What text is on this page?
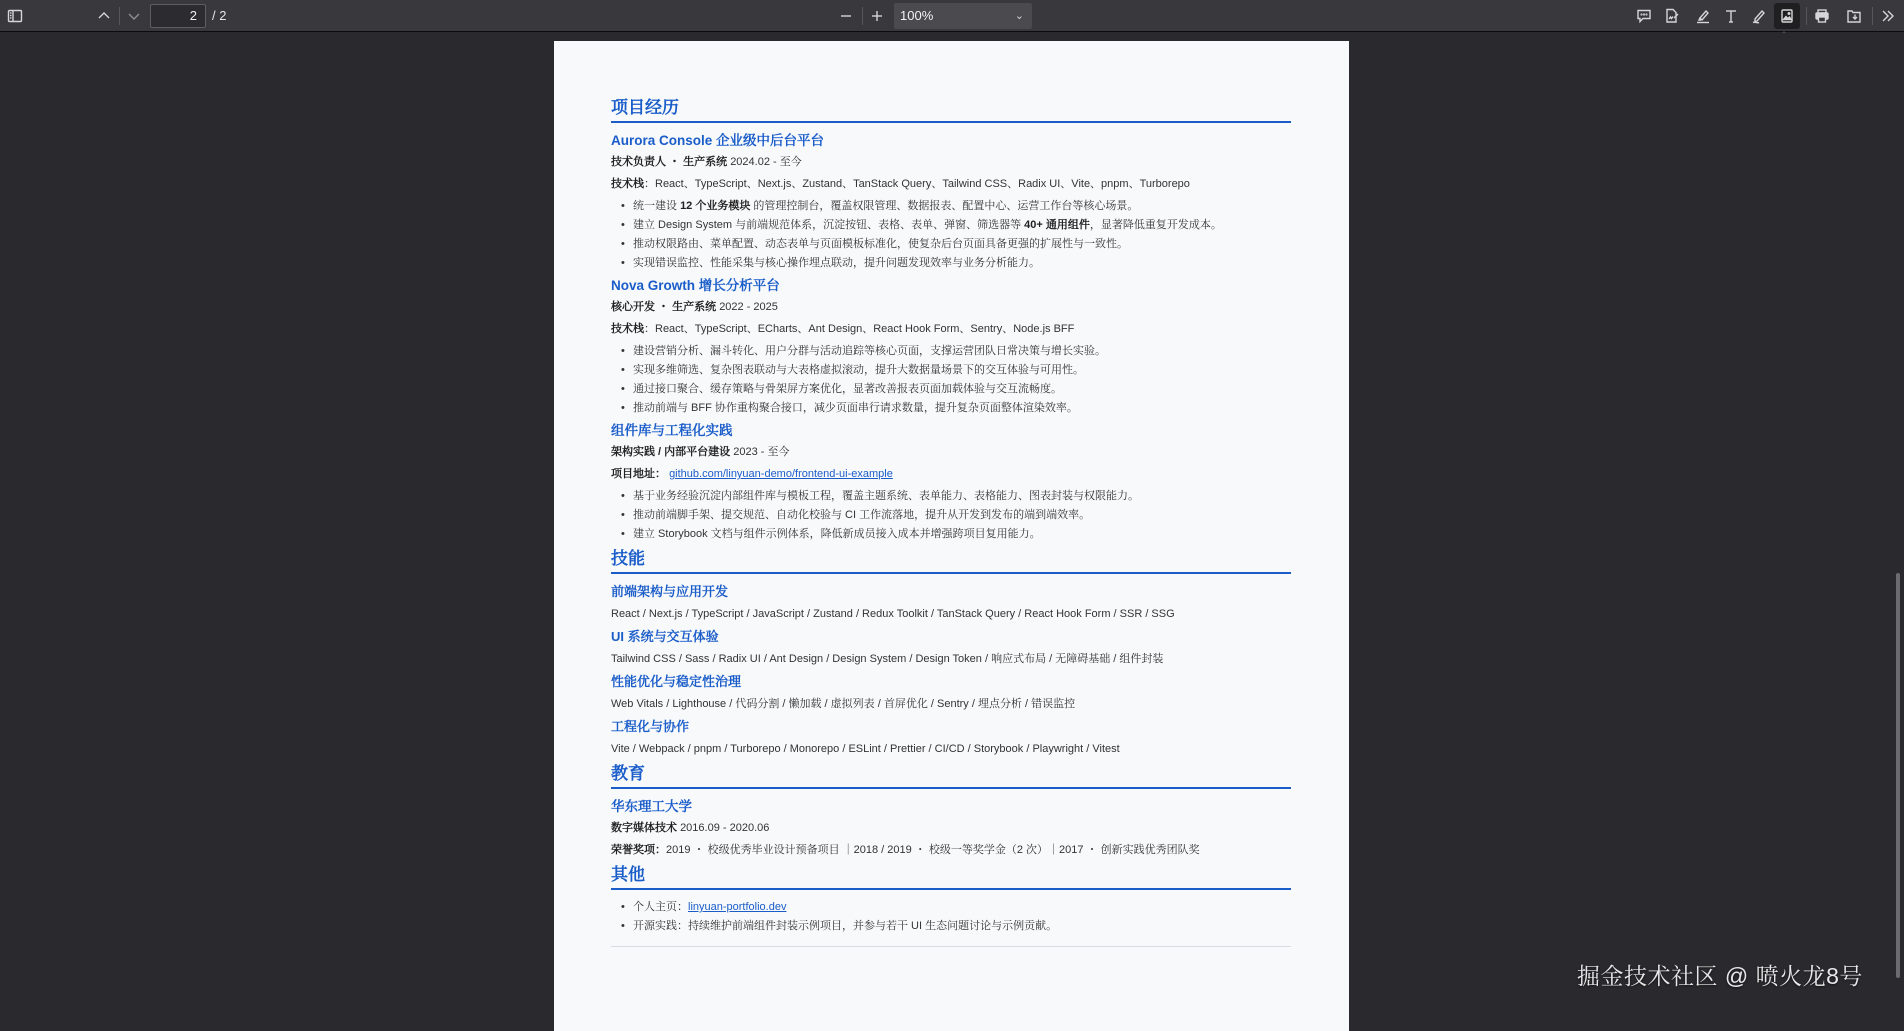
2	/ 2	100%	⌄
项目经历
Aurora Console 企业级中后台平台
技术负责人 ・ 生产系统 2024.02 - 至今
技术栈：React、TypeScript、Next.js、Zustand、TanStack Query、Tailwind CSS、Radix UI、Vite、pnpm、Turborepo
• 统一建设 12 个业务模块 的管理控制台，覆盖权限管理、数据报表、配置中心、运营工作台等核心场景。
• 建立 Design System 与前端规范体系，沉淀按钮、表格、表单、弹窗、筛选器等 40+ 通用组件，显著降低重复开发成本。
• 推动权限路由、菜单配置、动态表单与页面模板标准化，使复杂后台页面具备更强的扩展性与一致性。
• 实现错误监控、性能采集与核心操作埋点联动，提升问题发现效率与业务分析能力。
Nova Growth 增长分析平台
核心开发 ・ 生产系统 2022 - 2025
技术栈：React、TypeScript、ECharts、Ant Design、React Hook Form、Sentry、Node.js BFF
• 建设营销分析、漏斗转化、用户分群与活动追踪等核心页面，支撑运营团队日常决策与增长实验。
• 实现多维筛选、复杂图表联动与大表格虚拟滚动，提升大数据量场景下的交互体验与可用性。
• 通过接口聚合、缓存策略与骨架屏方案优化，显著改善报表页面加载体验与交互流畅度。
• 推动前端与 BFF 协作重构聚合接口，减少页面串行请求数量，提升复杂页面整体渲染效率。
组件库与工程化实践
架构实践 / 内部平台建设 2023 - 至今
项目地址： github.com/linyuan-demo/frontend-ui-example
• 基于业务经验沉淀内部组件库与模板工程，覆盖主题系统、表单能力、表格能力、图表封装与权限能力。
• 推动前端脚手架、提交规范、自动化校验与 CI 工作流落地，提升从开发到发布的端到端效率。
• 建立 Storybook 文档与组件示例体系，降低新成员接入成本并增强跨项目复用能力。
技能
前端架构与应用开发
React / Next.js / TypeScript / JavaScript / Zustand / Redux Toolkit / TanStack Query / React Hook Form / SSR / SSG
UI 系统与交互体验
Tailwind CSS / Sass / Radix UI / Ant Design / Design System / Design Token / 响应式布局 / 无障碍基础 / 组件封装
性能优化与稳定性治理
Web Vitals / Lighthouse / 代码分割 / 懒加载 / 虚拟列表 / 首屏优化 / Sentry / 埋点分析 / 错误监控
工程化与协作
Vite / Webpack / pnpm / Turborepo / Monorepo / ESLint / Prettier / CI/CD / Storybook / Playwright / Vitest
教育
华东理工大学
数字媒体技术 2016.09 - 2020.06
荣誉奖项：2019 ・ 校级优秀毕业设计预备项目 ｜2018 / 2019 ・ 校级一等奖学金（2 次）｜2017 ・ 创新实践优秀团队奖
其他
• 个人主页：linyuan-portfolio.dev
• 开源实践：持续维护前端组件封装示例项目，并参与若干 UI 生态问题讨论与示例贡献。
掘金技术社区 @ 喷火龙8号
